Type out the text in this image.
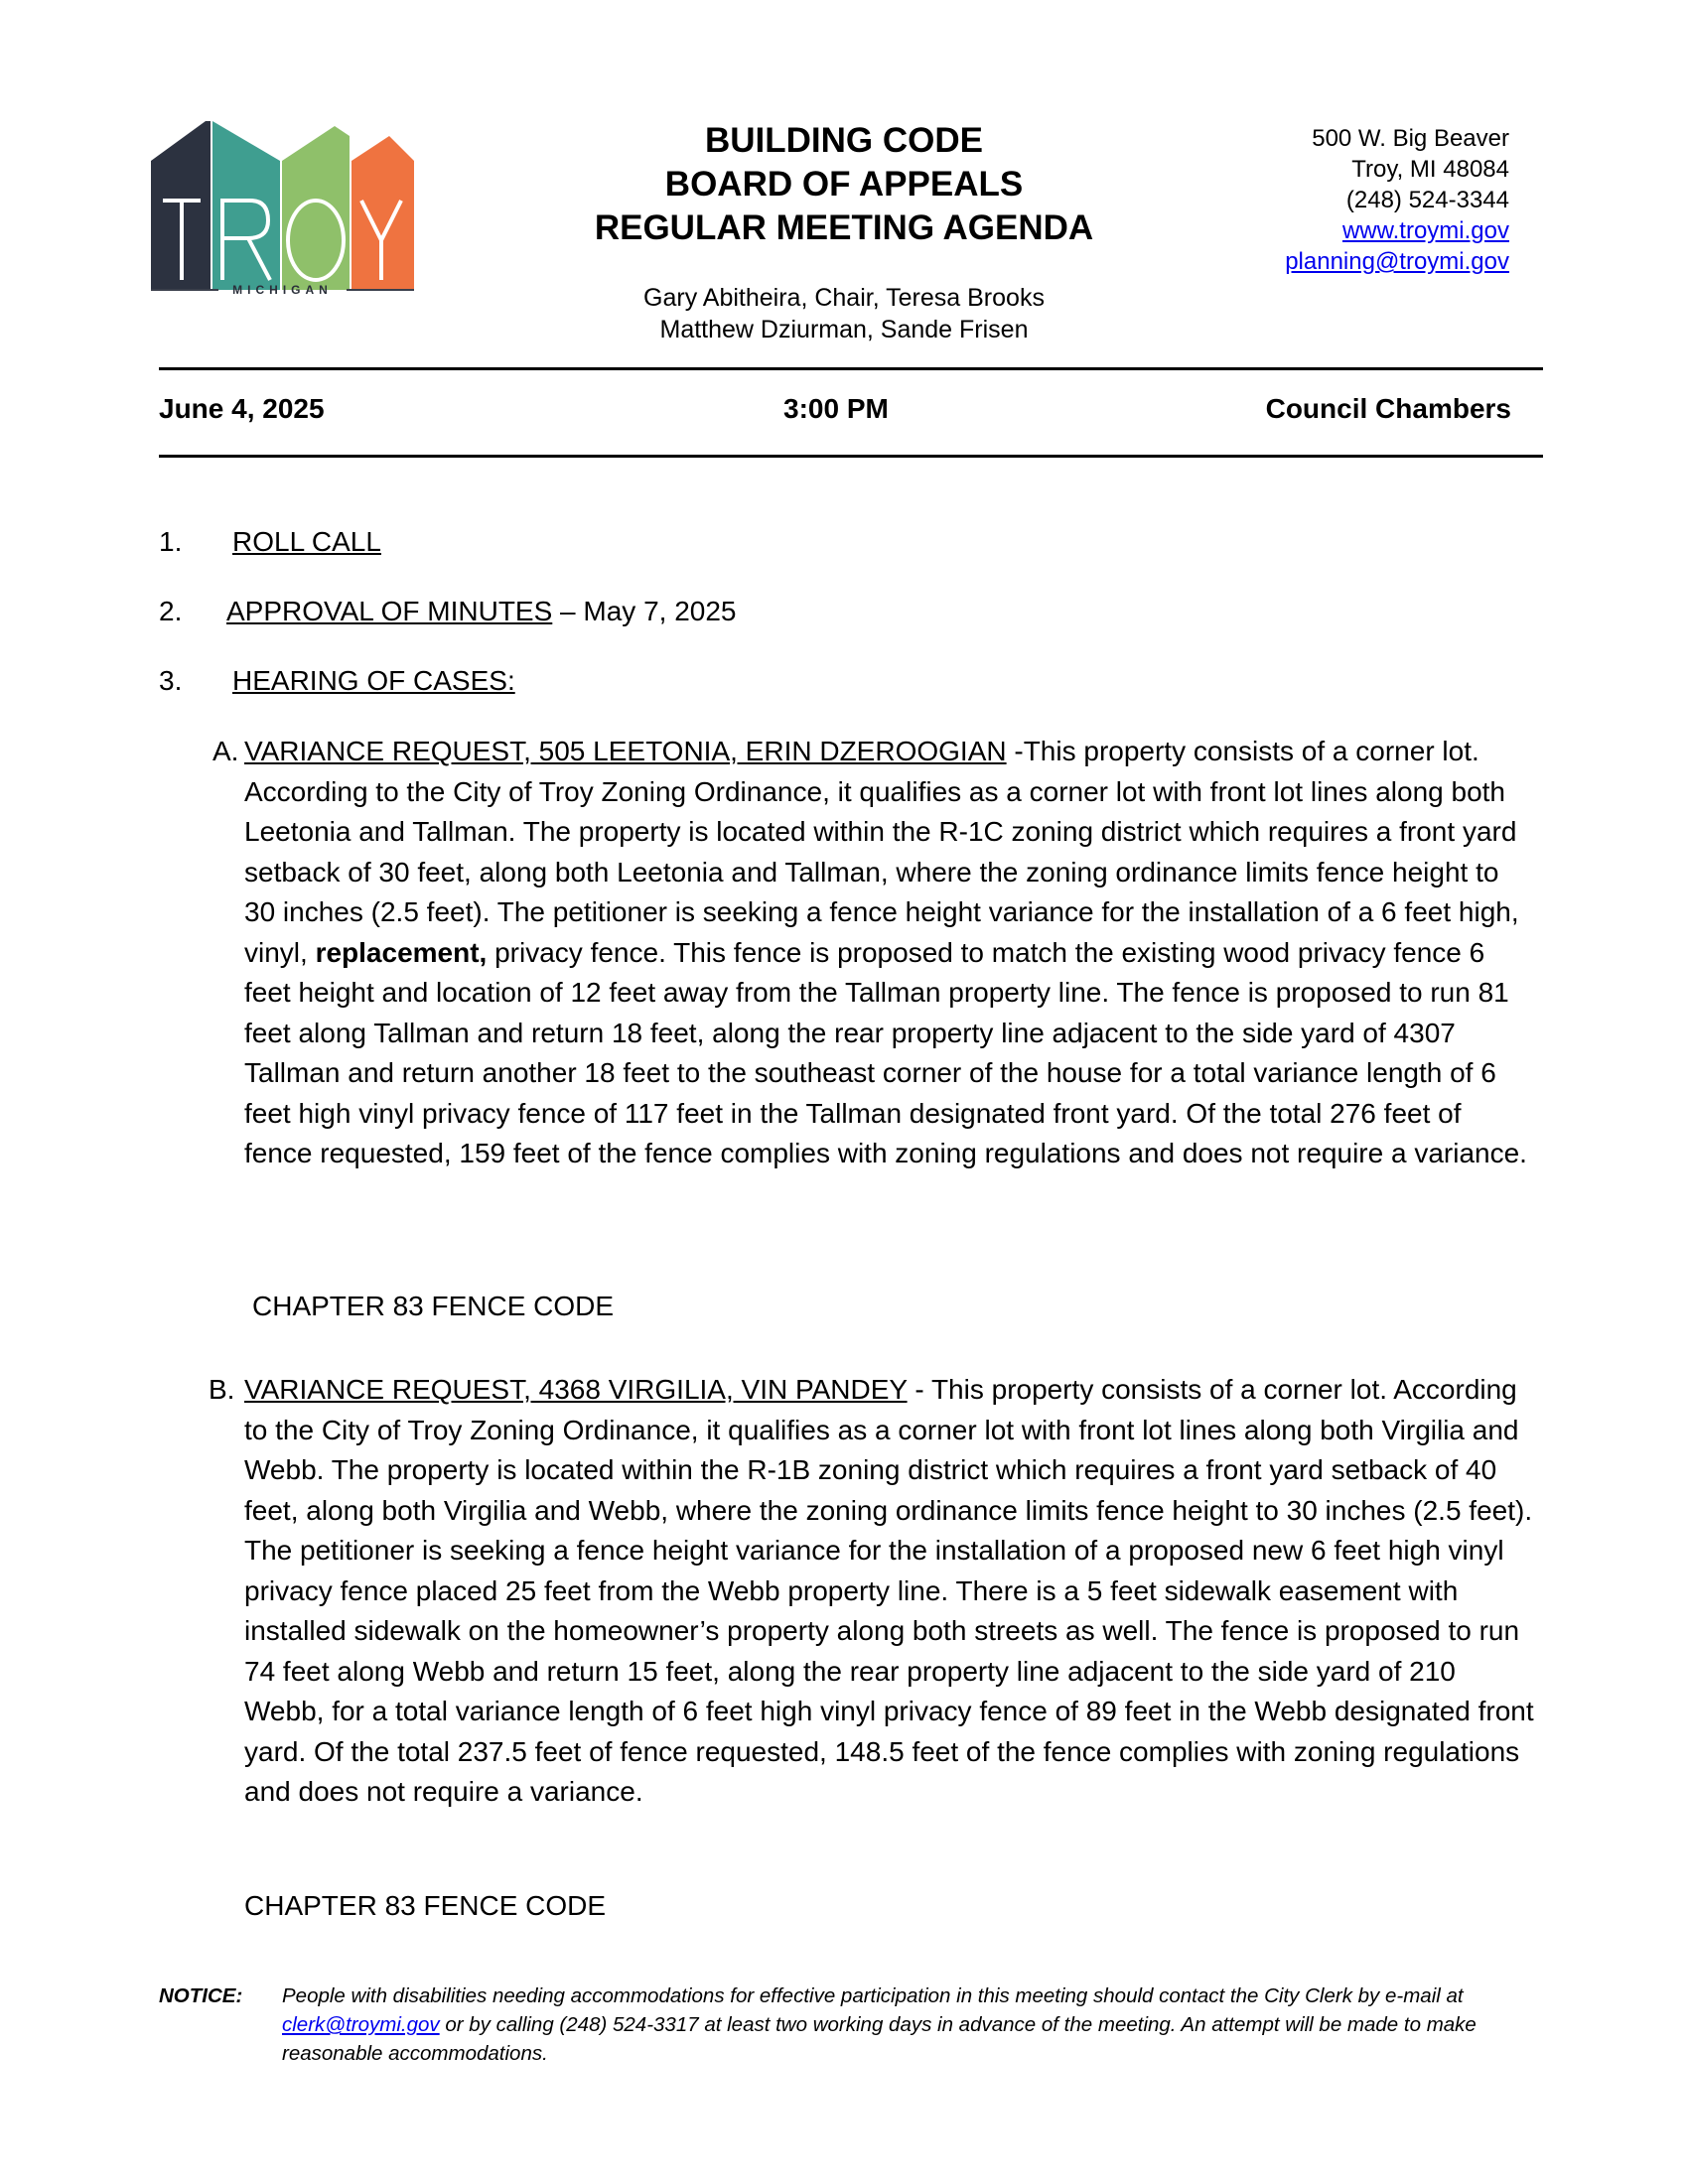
MICHIGAN
BUILDING CODE
BOARD OF APPEALS
REGULAR MEETING AGENDA
Gary Abitheira, Chair, Teresa Brooks
Matthew Dziurman, Sande Frisen
500 W. Big Beaver
Troy, MI 48084
(248) 524-3344
www.troymi.gov
planning@troymi.gov
June 4, 2025	3:00 PM	Council Chambers
1. ROLL CALL
2. APPROVAL OF MINUTES – May 7, 2025
3. HEARING OF CASES:
A. VARIANCE REQUEST, 505 LEETONIA, ERIN DZEROOGIAN -This property consists of a corner lot. According to the City of Troy Zoning Ordinance, it qualifies as a corner lot with front lot lines along both Leetonia and Tallman. The property is located within the R-1C zoning district which requires a front yard setback of 30 feet, along both Leetonia and Tallman, where the zoning ordinance limits fence height to 30 inches (2.5 feet). The petitioner is seeking a fence height variance for the installation of a 6 feet high, vinyl, replacement, privacy fence. This fence is proposed to match the existing wood privacy fence 6 feet height and location of 12 feet away from the Tallman property line. The fence is proposed to run 81 feet along Tallman and return 18 feet, along the rear property line adjacent to the side yard of 4307 Tallman and return another 18 feet to the southeast corner of the house for a total variance length of 6 feet high vinyl privacy fence of 117 feet in the Tallman designated front yard. Of the total 276 feet of fence requested, 159 feet of the fence complies with zoning regulations and does not require a variance.
CHAPTER 83 FENCE CODE
B. VARIANCE REQUEST, 4368 VIRGILIA, VIN PANDEY - This property consists of a corner lot. According to the City of Troy Zoning Ordinance, it qualifies as a corner lot with front lot lines along both Virgilia and Webb. The property is located within the R-1B zoning district which requires a front yard setback of 40 feet, along both Virgilia and Webb, where the zoning ordinance limits fence height to 30 inches (2.5 feet). The petitioner is seeking a fence height variance for the installation of a proposed new 6 feet high vinyl privacy fence placed 25 feet from the Webb property line. There is a 5 feet sidewalk easement with installed sidewalk on the homeowner’s property along both streets as well. The fence is proposed to run 74 feet along Webb and return 15 feet, along the rear property line adjacent to the side yard of 210 Webb, for a total variance length of 6 feet high vinyl privacy fence of 89 feet in the Webb designated front yard. Of the total 237.5 feet of fence requested, 148.5 feet of the fence complies with zoning regulations and does not require a variance.
CHAPTER 83 FENCE CODE
NOTICE: People with disabilities needing accommodations for effective participation in this meeting should contact the City Clerk by e-mail at clerk@troymi.gov or by calling (248) 524-3317 at least two working days in advance of the meeting. An attempt will be made to make reasonable accommodations.
